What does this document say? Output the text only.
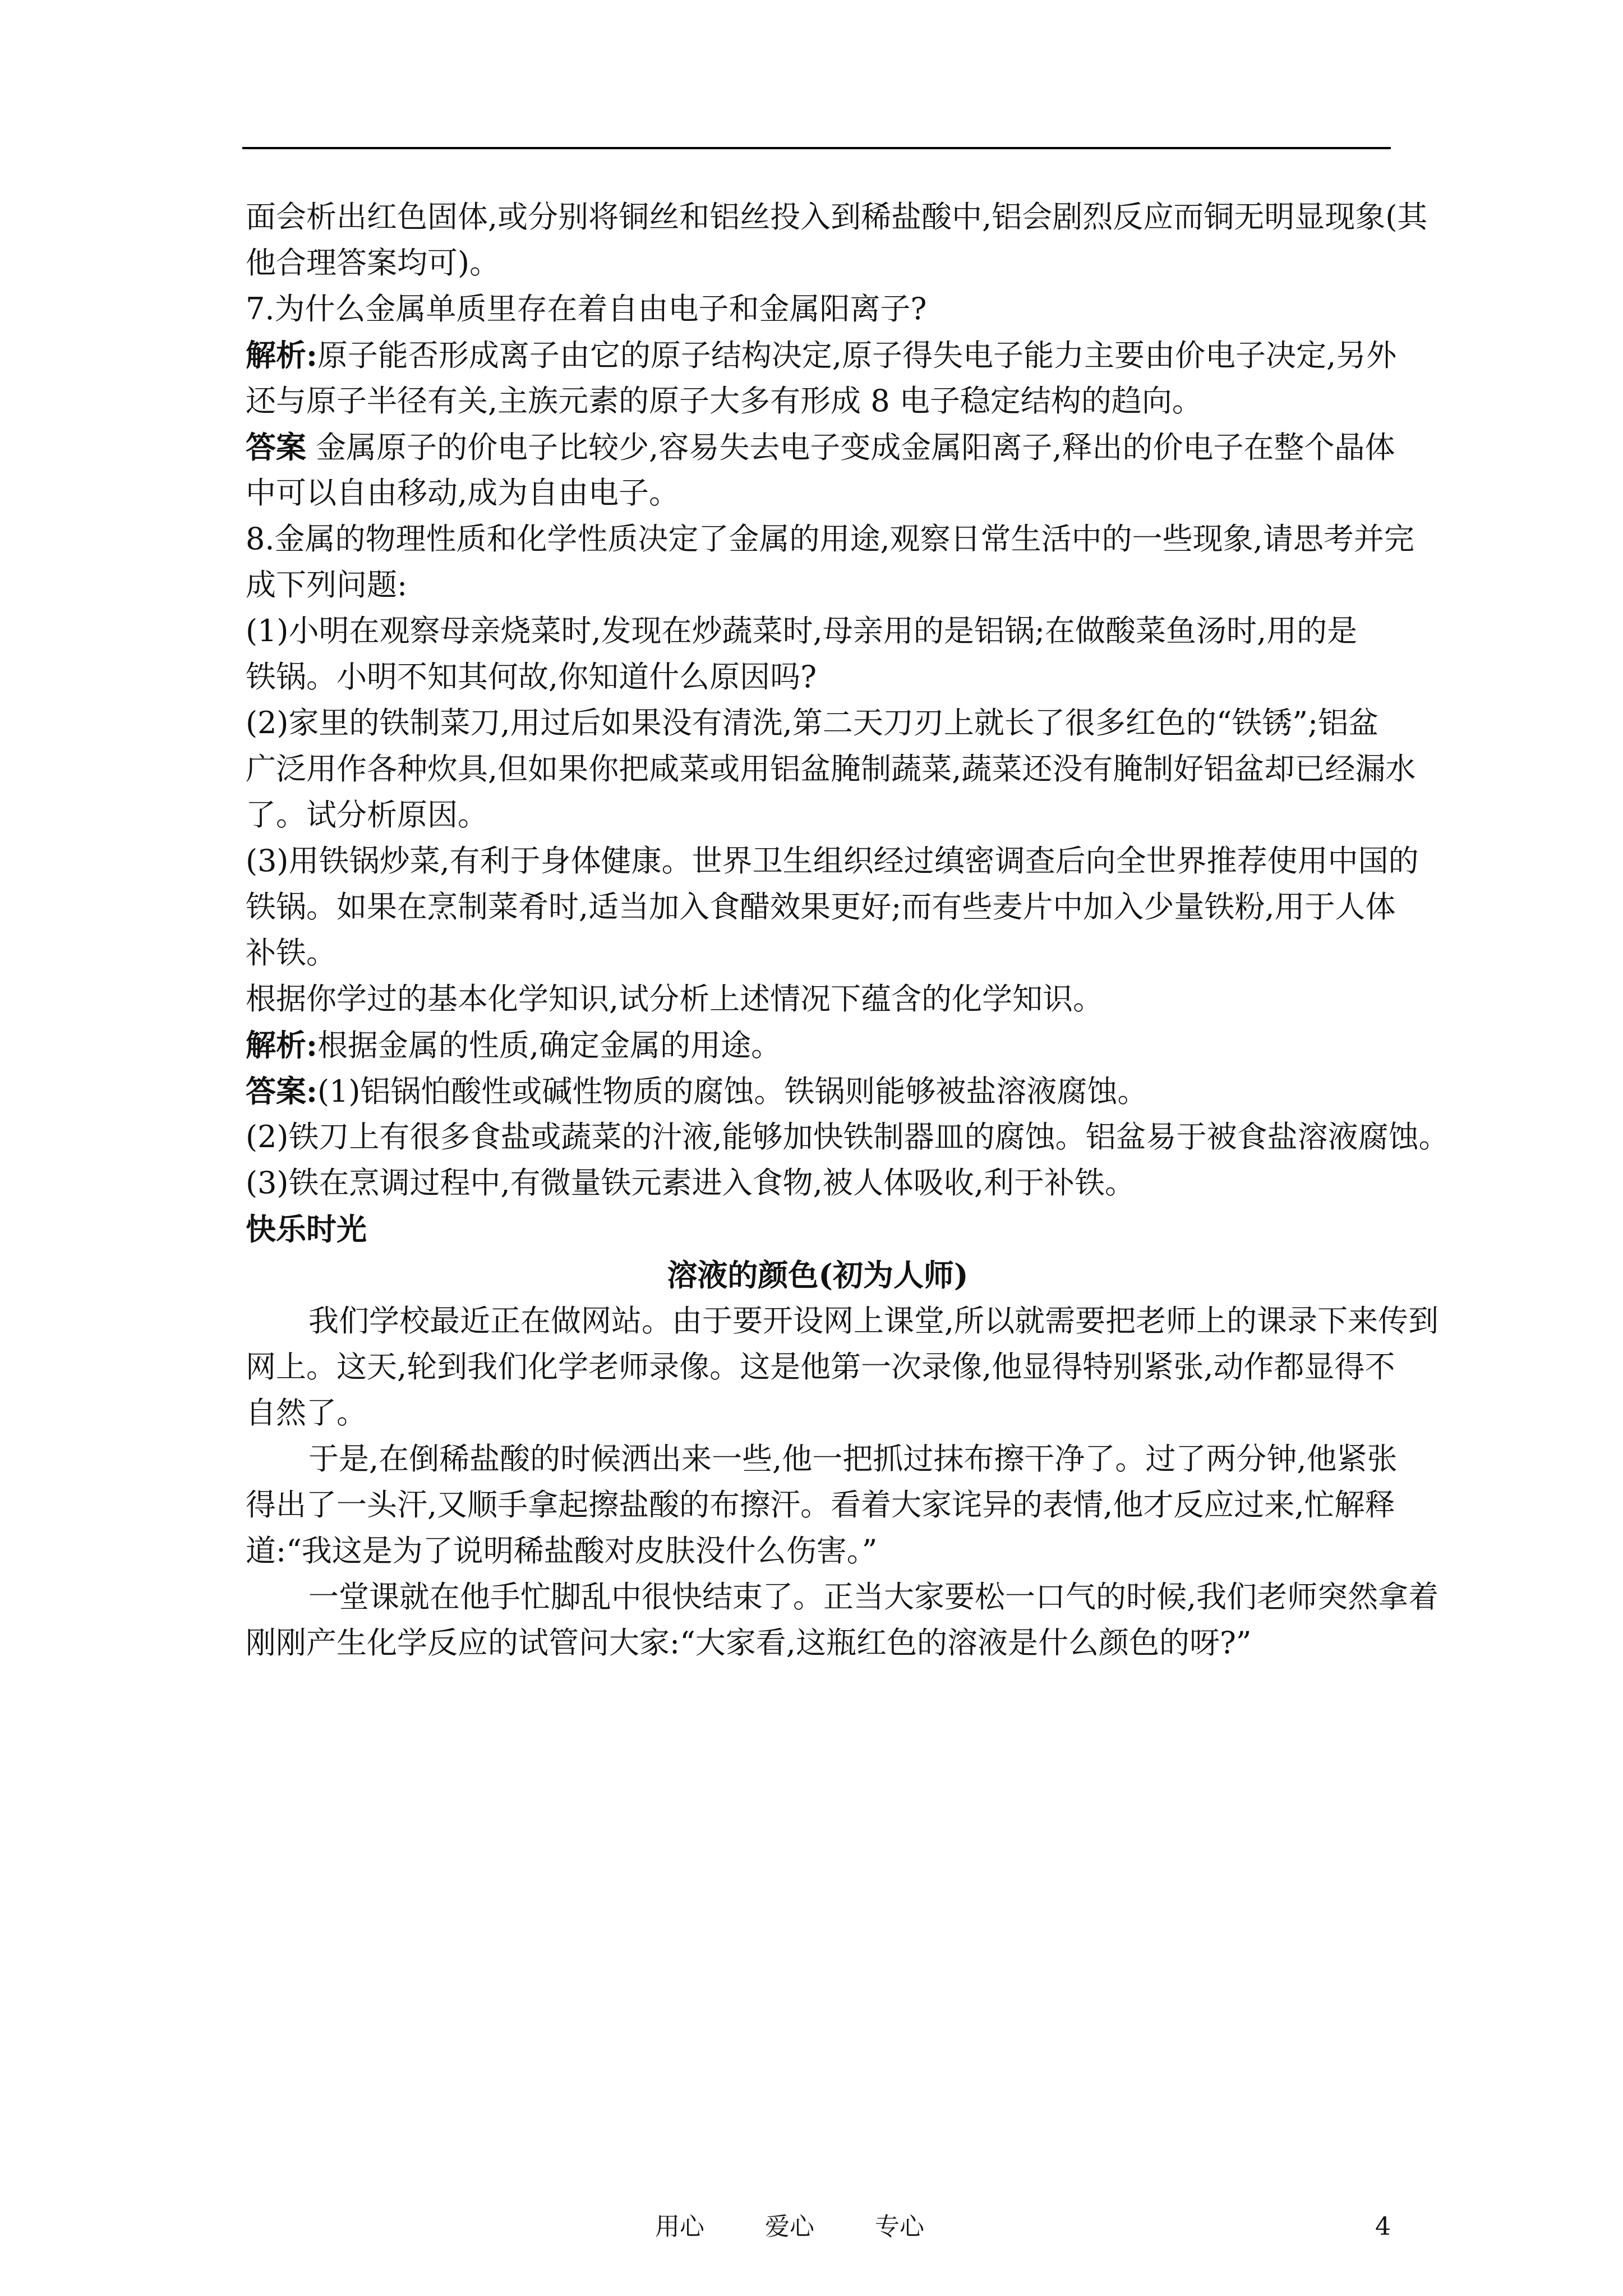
面会析出红色固体,或分别将铜丝和铝丝投入到稀盐酸中,铝会剧烈反应而铜无明显现象(其
他合理答案均可)。
7.为什么金属单质里存在着自由电子和金属阳离子?
解析:原子能否形成离子由它的原子结构决定,原子得失电子能力主要由价电子决定,另外
还与原子半径有关,主族元素的原子大多有形成 8 电子稳定结构的趋向。
答案 金属原子的价电子比较少,容易失去电子变成金属阳离子,释出的价电子在整个晶体
中可以自由移动,成为自由电子。
8.金属的物理性质和化学性质决定了金属的用途,观察日常生活中的一些现象,请思考并完
成下列问题:
(1)小明在观察母亲烧菜时,发现在炒蔬菜时,母亲用的是铝锅;在做酸菜鱼汤时,用的是
铁锅。小明不知其何故,你知道什么原因吗?
(2)家里的铁制菜刀,用过后如果没有清洗,第二天刀刃上就长了很多红色的“铁锈”;铝盆
广泛用作各种炊具,但如果你把咸菜或用铝盆腌制蔬菜,蔬菜还没有腌制好铝盆却已经漏水
了。试分析原因。
(3)用铁锅炒菜,有利于身体健康。世界卫生组织经过缜密调查后向全世界推荐使用中国的
铁锅。如果在烹制菜肴时,适当加入食醋效果更好;而有些麦片中加入少量铁粉,用于人体
补铁。
根据你学过的基本化学知识,试分析上述情况下蕴含的化学知识。
解析:根据金属的性质,确定金属的用途。
答案:(1)铝锅怕酸性或碱性物质的腐蚀。铁锅则能够被盐溶液腐蚀。
(2)铁刀上有很多食盐或蔬菜的汁液,能够加快铁制器皿的腐蚀。铝盆易于被食盐溶液腐蚀。
(3)铁在烹调过程中,有微量铁元素进入食物,被人体吸收,利于补铁。
快乐时光
溶液的颜色(初为人师)
我们学校最近正在做网站。由于要开设网上课堂,所以就需要把老师上的课录下来传到
网上。这天,轮到我们化学老师录像。这是他第一次录像,他显得特别紧张,动作都显得不
自然了。
于是,在倒稀盐酸的时候洒出来一些,他一把抓过抹布擦干净了。过了两分钟,他紧张
得出了一头汗,又顺手拿起擦盐酸的布擦汗。看着大家诧异的表情,他才反应过来,忙解释
道:“我这是为了说明稀盐酸对皮肤没什么伤害。”
一堂课就在他手忙脚乱中很快结束了。正当大家要松一口气的时候,我们老师突然拿着
刚刚产生化学反应的试管问大家:“大家看,这瓶红色的溶液是什么颜色的呀?”
用心 爱心 专心	4
